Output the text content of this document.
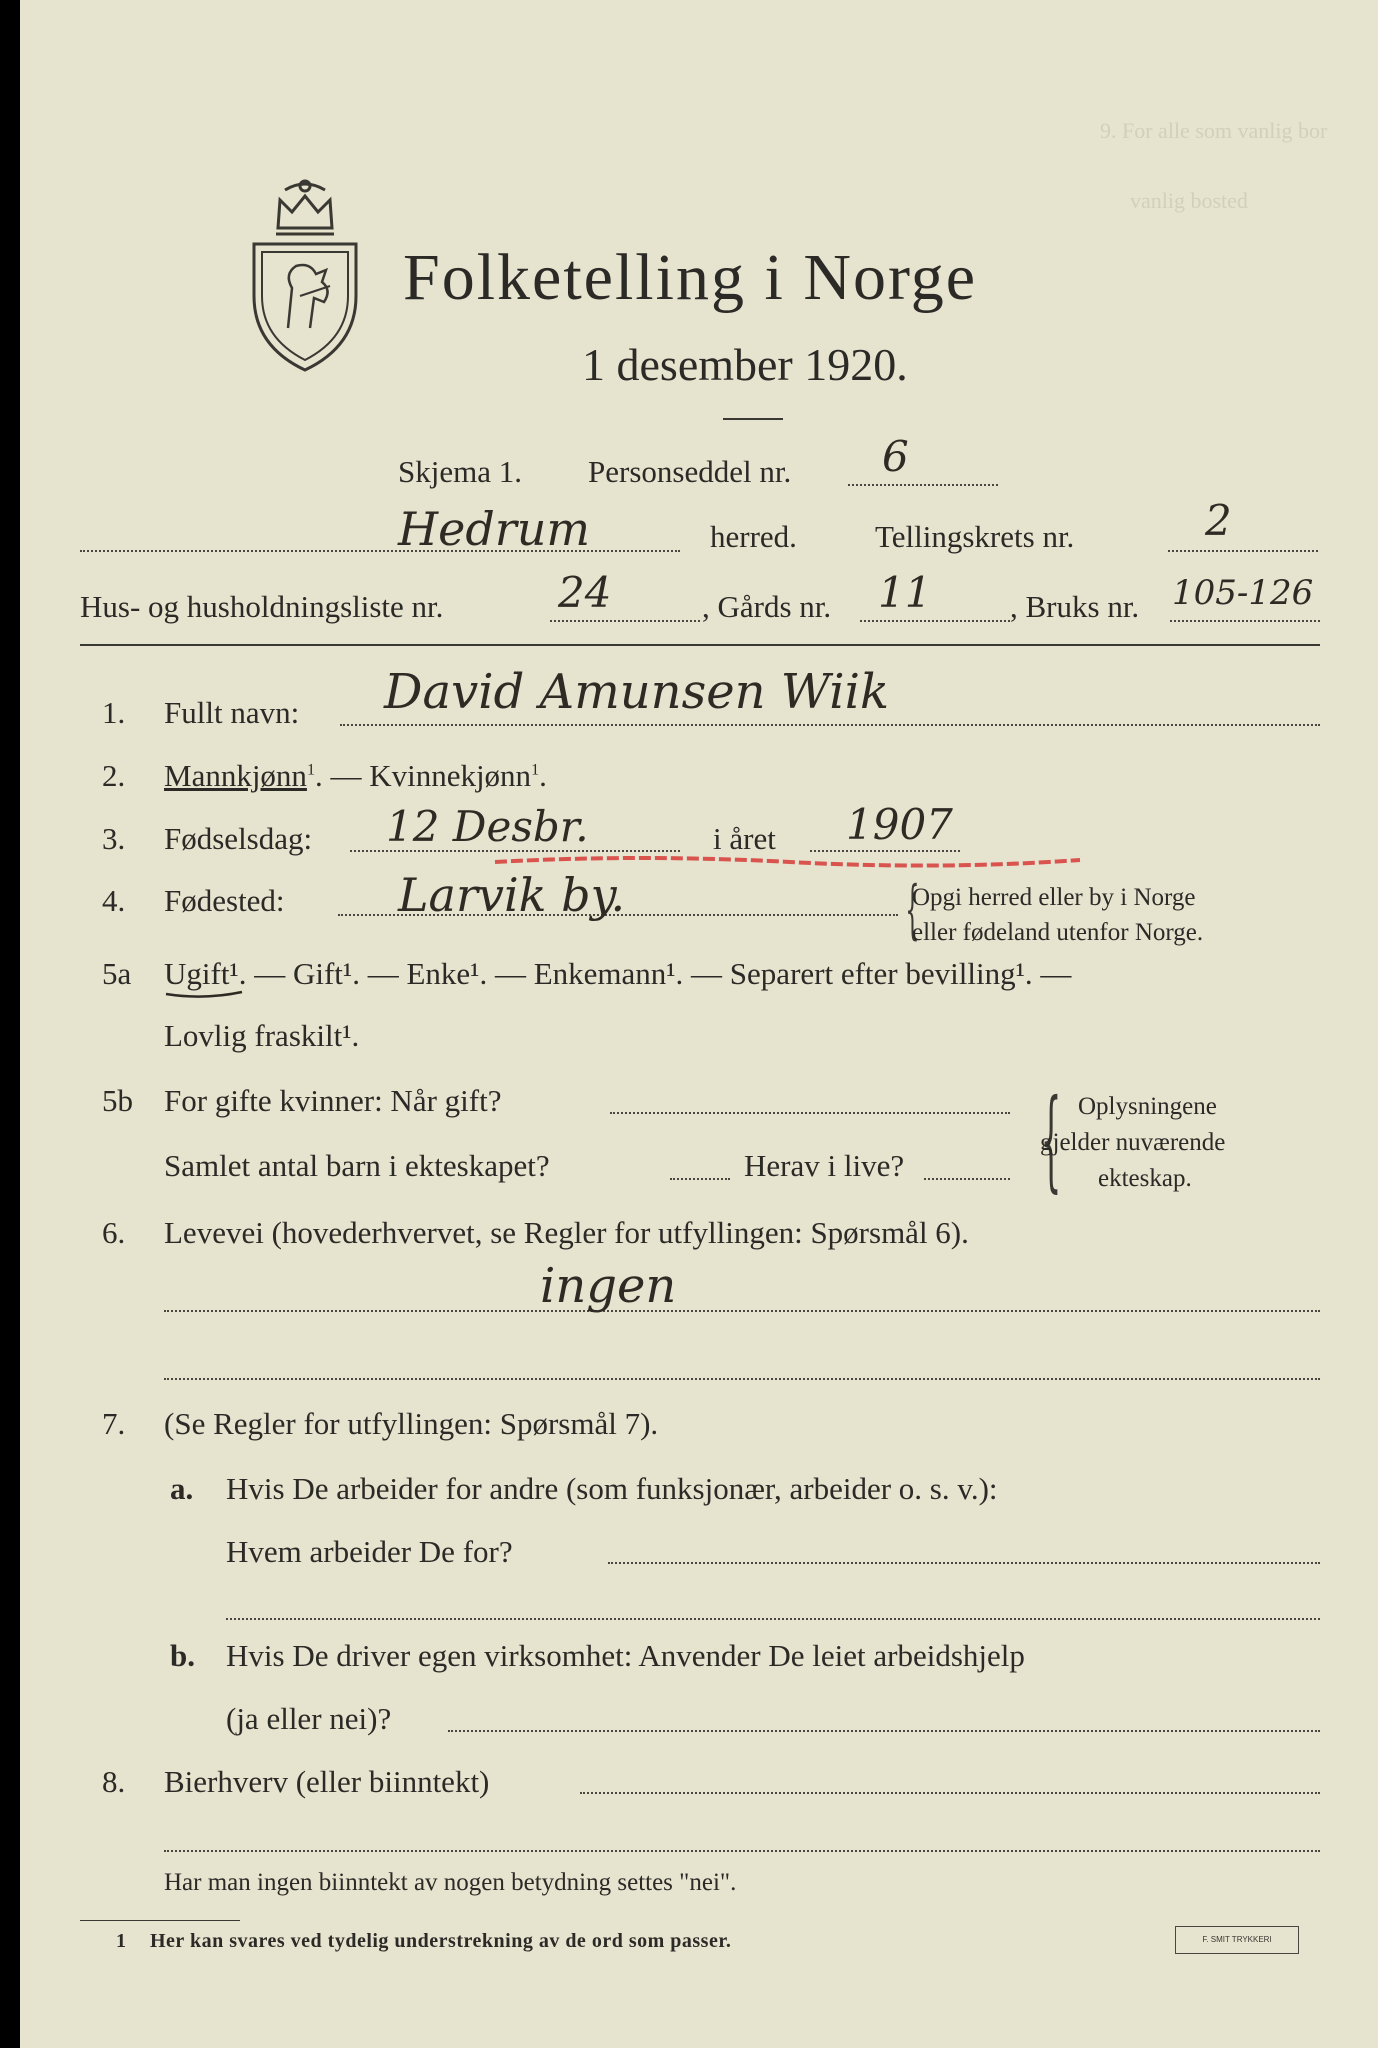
9. For alle som vanlig bor
vanlig bosted
Folketelling i Norge
1 desember 1920.
Skjema 1. Personseddel nr. 6
Hedrum	herred.	Tellingskrets nr.	2
Hus- og husholdningsliste nr.	24	, Gårds nr. 11	, Bruks nr. 105-126
1. Fullt navn: David Amunsen Wiik
2. Mannkjønn$^1$. — Kvinnekjønn$^1$.
3. Fødselsdag: 12 Desbr.	i året 1907
4. Fødested: Larvik by.	{
Opgi herred eller by i Norge
eller fødeland utenfor Norge.
5a Ugift¹. — Gift¹. — Enke¹. — Enkemann¹. — Separert efter bevilling¹. —
Lovlig fraskilt¹.
5b For gifte kvinner: Når gift?
Samlet antal barn i ekteskapet?	Herav i live? { Oplysningene
gjelder nuværende
ekteskap.
6. Levevei (hovederhvervet, se Regler for utfyllingen: Spørsmål 6).
ingen
7. (Se Regler for utfyllingen: Spørsmål 7).
a. Hvis De arbeider for andre (som funksjonær, arbeider o. s. v.):
Hvem arbeider De for?
b. Hvis De driver egen virksomhet: Anvender De leiet arbeidshjelp
(ja eller nei)?
8. Bierhverv (eller biinntekt)
Har man ingen biinntekt av nogen betydning settes "nei".
1 Her kan svares ved tydelig understrekning av de ord som passer.	F. SMIT TRYKKERI
